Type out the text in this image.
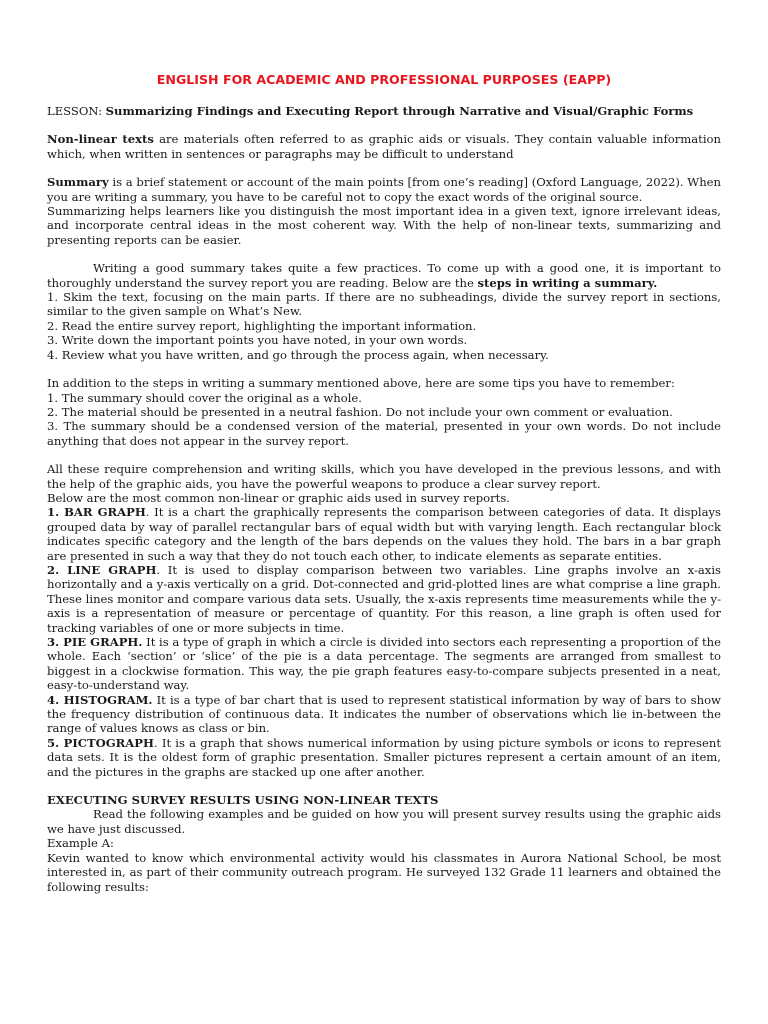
ENGLISH FOR ACADEMIC AND PROFESSIONAL PURPOSES (EAPP)

LESSON: Summarizing Findings and Executing Report through Narrative and Visual/Graphic Forms

Non-linear texts are materials often referred to as graphic aids or visuals. They contain valuable information which, when written in sentences or paragraphs may be difficult to understand

Summary is a brief statement or account of the main points [from one’s reading] (Oxford Language, 2022). When you are writing a summary, you have to be careful not to copy the exact words of the original source.

Summarizing helps learners like you distinguish the most important idea in a given text, ignore irrelevant ideas, and incorporate central ideas in the most coherent way. With the help of non-linear texts, summarizing and presenting reports can be easier.

Writing a good summary takes quite a few practices. To come up with a good one, it is important to thoroughly understand the survey report you are reading. Below are the steps in writing a summary.

1. Skim the text, focusing on the main parts. If there are no subheadings, divide the survey report in sections, similar to the given sample on What’s New.

2. Read the entire survey report, highlighting the important information.

3. Write down the important points you have noted, in your own words.

4. Review what you have written, and go through the process again, when necessary.

In addition to the steps in writing a summary mentioned above, here are some tips you have to remember:

1. The summary should cover the original as a whole.

2. The material should be presented in a neutral fashion. Do not include your own comment or evaluation.

3. The summary should be a condensed version of the material, presented in your own words. Do not include anything that does not appear in the survey report.

All these require comprehension and writing skills, which you have developed in the previous lessons, and with the help of the graphic aids, you have the powerful weapons to produce a clear survey report.

Below are the most common non-linear or graphic aids used in survey reports.

1. BAR GRAPH. It is a chart the graphically represents the comparison between categories of data. It displays grouped data by way of parallel rectangular bars of equal width but with varying length. Each rectangular block indicates specific category and the length of the bars depends on the values they hold. The bars in a bar graph are presented in such a way that they do not touch each other, to indicate elements as separate entities.

2. LINE GRAPH. It is used to display comparison between two variables. Line graphs involve an x-axis horizontally and a y-axis vertically on a grid. Dot-connected and grid-plotted lines are what comprise a line graph. These lines monitor and compare various data sets. Usually, the x-axis represents time measurements while the y-axis is a representation of measure or percentage of quantity. For this reason, a line graph is often used for tracking variables of one or more subjects in time.

3. PIE GRAPH. It is a type of graph in which a circle is divided into sectors each representing a proportion of the whole. Each ‘section’ or ‘slice’ of the pie is a data percentage. The segments are arranged from smallest to biggest in a clockwise formation. This way, the pie graph features easy-to-compare subjects presented in a neat, easy-to-understand way.

4. HISTOGRAM. It is a type of bar chart that is used to represent statistical information by way of bars to show the frequency distribution of continuous data. It indicates the number of observations which lie in-between the range of values knows as class or bin.

5. PICTOGRAPH. It is a graph that shows numerical information by using picture symbols or icons to represent data sets. It is the oldest form of graphic presentation. Smaller pictures represent a certain amount of an item, and the pictures in the graphs are stacked up one after another.

EXECUTING SURVEY RESULTS USING NON-LINEAR TEXTS

Read the following examples and be guided on how you will present survey results using the graphic aids we have just discussed.

Example A:

Kevin wanted to know which environmental activity would his classmates in Aurora National School, be most interested in, as part of their community outreach program. He surveyed 132 Grade 11 learners and obtained the following results:
